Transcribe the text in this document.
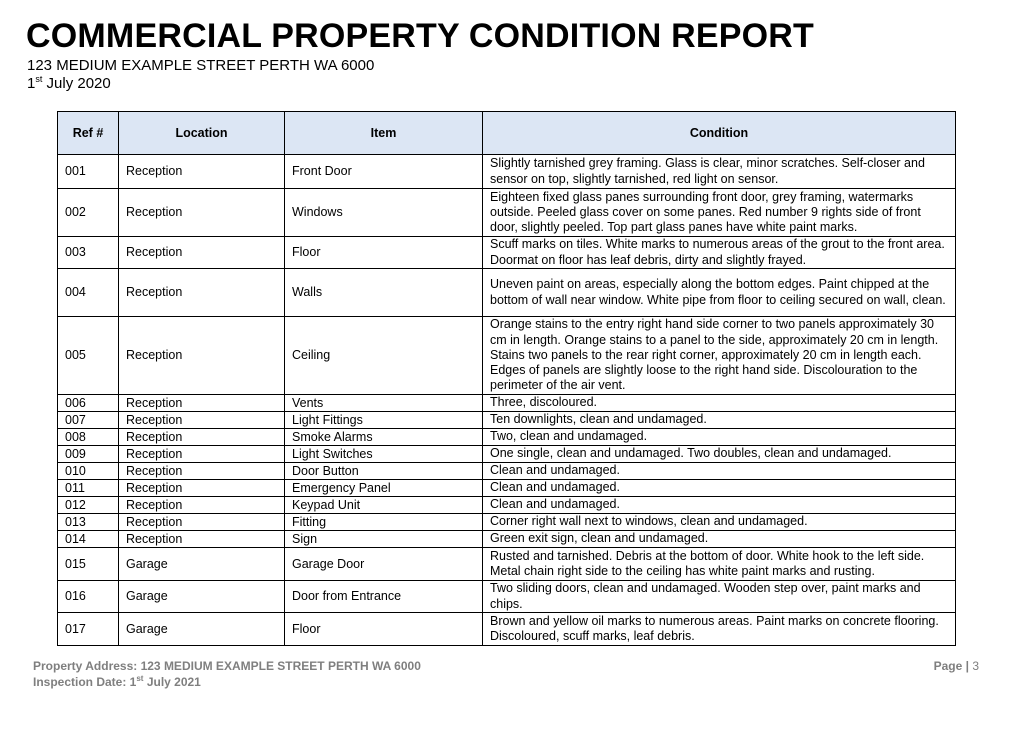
COMMERCIAL PROPERTY CONDITION REPORT
123 MEDIUM EXAMPLE STREET PERTH WA 6000
1st July 2020
Ref #	Location	Item	Condition
001	Reception	Front Door	Slightly tarnished grey framing. Glass is clear, minor scratches. Self-closer and sensor on top, slightly tarnished, red light on sensor.
002	Reception	Windows	Eighteen fixed glass panes surrounding front door, grey framing, watermarks outside. Peeled glass cover on some panes. Red number 9 rights side of front door, slightly peeled. Top part glass panes have white paint marks.
003	Reception	Floor	Scuff marks on tiles. White marks to numerous areas of the grout to the front area. Doormat on floor has leaf debris, dirty and slightly frayed.
004	Reception	Walls	Uneven paint on areas, especially along the bottom edges. Paint chipped at the bottom of wall near window. White pipe from floor to ceiling secured on wall, clean.
005	Reception	Ceiling	Orange stains to the entry right hand side corner to two panels approximately 30 cm in length. Orange stains to a panel to the side, approximately 20 cm in length. Stains two panels to the rear right corner, approximately 20 cm in length each. Edges of panels are slightly loose to the right hand side. Discolouration to the perimeter of the air vent.
006	Reception	Vents	Three, discoloured.
007	Reception	Light Fittings	Ten downlights, clean and undamaged.
008	Reception	Smoke Alarms	Two, clean and undamaged.
009	Reception	Light Switches	One single, clean and undamaged. Two doubles, clean and undamaged.
010	Reception	Door Button	Clean and undamaged.
011	Reception	Emergency Panel	Clean and undamaged.
012	Reception	Keypad Unit	Clean and undamaged.
013	Reception	Fitting	Corner right wall next to windows, clean and undamaged.
014	Reception	Sign	Green exit sign, clean and undamaged.
015	Garage	Garage Door	Rusted and tarnished. Debris at the bottom of door. White hook to the left side. Metal chain right side to the ceiling has white paint marks and rusting.
016	Garage	Door from Entrance	Two sliding doors, clean and undamaged. Wooden step over, paint marks and chips.
017	Garage	Floor	Brown and yellow oil marks to numerous areas. Paint marks on concrete flooring. Discoloured, scuff marks, leaf debris.
Property Address: 123 MEDIUM EXAMPLE STREET PERTH WA 6000
Inspection Date: 1st July 2021
Page | 3
